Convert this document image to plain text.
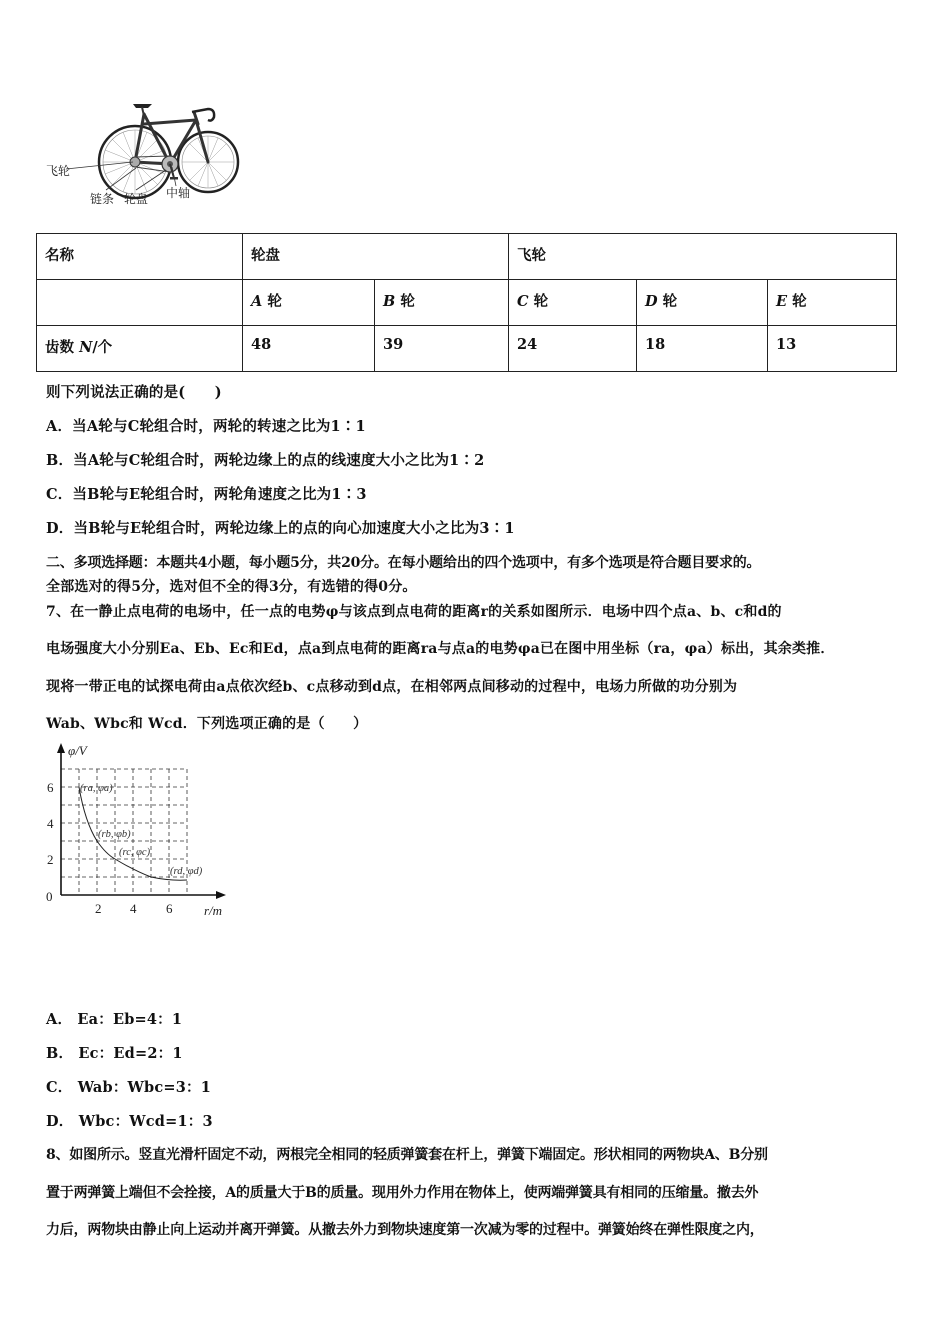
飞轮
链条 轮盘 中轴
名称	轮盘		飞轮		
	A 轮	B 轮	C 轮	D 轮	E 轮
齿数 N/个	48	39	24	18	13
则下列说法正确的是(　　)
A．当A轮与C轮组合时，两轮的转速之比为1∶1
B．当A轮与C轮组合时，两轮边缘上的点的线速度大小之比为1∶2
C．当B轮与E轮组合时，两轮角速度之比为1∶3
D．当B轮与E轮组合时，两轮边缘上的点的向心加速度大小之比为3∶1
二、多项选择题：本题共4小题，每小题5分，共20分。在每小题给出的四个选项中，有多个选项是符合题目要求的。
全部选对的得5分，选对但不全的得3分，有选错的得0分。
7、在一静止点电荷的电场中，任一点的电势φ与该点到点电荷的距离r的关系如图所示．电场中四个点a、b、c和d的
电场强度大小分别Ea、Eb、Ec和Ed，点a到点电荷的距离ra与点a的电势φa已在图中用坐标（ra，φa）标出，其余类推．
现将一带正电的试探电荷由a点依次经b、c点移动到d点，在相邻两点间移动的过程中，电场力所做的功分别为
Wab、Wbc和 Wcd．下列选项正确的是（　　）
2 4 6
0
2
4
6
φ/V
r/m
(ra, φa)
(rb, φb)
(rc, φc)
(rd, φd)
A． Ea：Eb=4：1
B． Ec：Ed=2：1
C． Wab：Wbc=3：1
D． Wbc：Wcd=1：3
8、如图所示。竖直光滑杆固定不动，两根完全相同的轻质弹簧套在杆上，弹簧下端固定。形状相同的两物块A、B分别
置于两弹簧上端但不会拴接，A的质量大于B的质量。现用外力作用在物体上，使两端弹簧具有相同的压缩量。撤去外
力后，两物块由静止向上运动并离开弹簧。从撤去外力到物块速度第一次减为零的过程中。弹簧始终在弹性限度之内，
